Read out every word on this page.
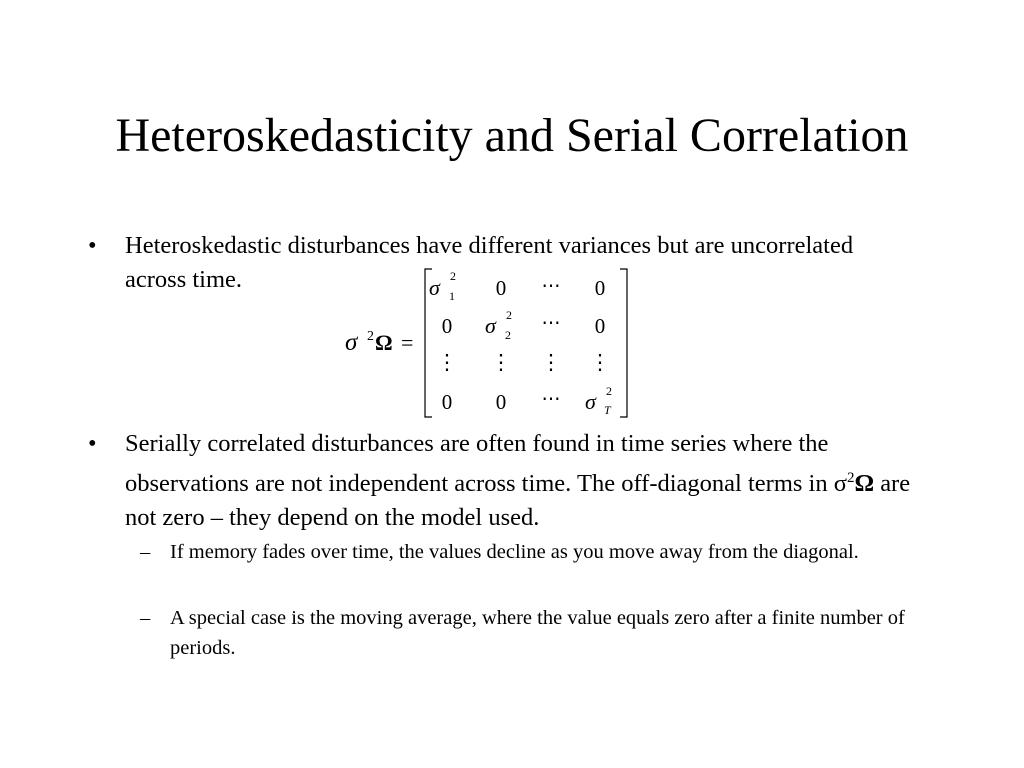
Heteroskedasticity and Serial Correlation
• Heteroskedastic disturbances have different variances but are uncorrelated across time.
σ 2 Ω =
σ 2
1 0 ⋯ 0
0 σ 2
2
⋯ 0
⋮ ⋮ ⋮ ⋮
0 0 ⋯ σ 2
T
• Serially correlated disturbances are often found in time series where the observations are not independent across time. The off-diagonal terms in $\sigma^2\Omega$ are not zero – they depend on the model used.
– If memory fades over time, the values decline as you move away from the diagonal.
– A special case is the moving average, where the value equals zero after a finite number of periods.
